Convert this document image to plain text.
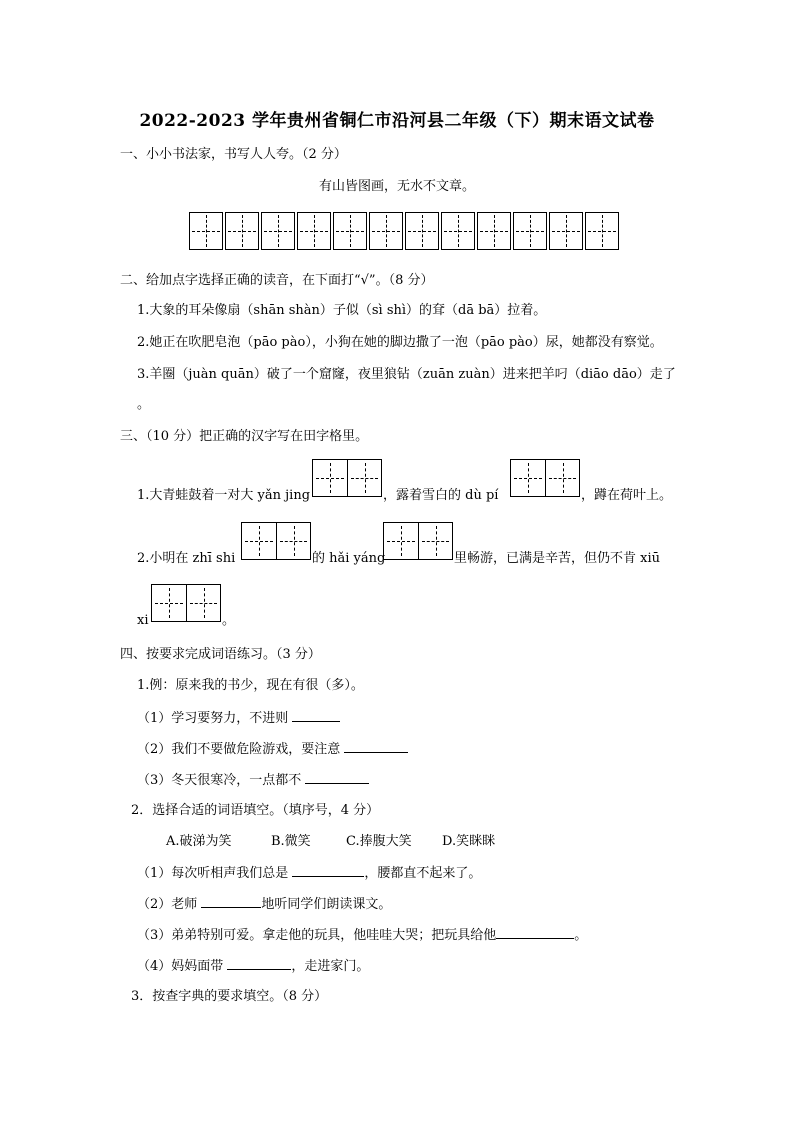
2022-2023 学年贵州省铜仁市沿河县二年级（下）期末语文试卷
一、小小书法家，书写人人夸。（2 分）
有山皆图画，无水不文章。
二、给加点字选择正确的读音，在下面打“√”。（8 分）
1.大象的耳朵像扇（shān shàn）子似（sì shì）的耷（dā bā）拉着。
2.她正在吹肥皂泡（pāo pào），小狗在她的脚边撒了一泡（pāo pào）尿，她都没有察觉。
3.羊圈（juàn quān）破了一个窟窿，夜里狼钻（zuān zuàn）进来把羊叼（diāo dāo）走了
。
三、（10 分）把正确的汉字写在田字格里。
1.大青蛙鼓着一对大 yǎn jing	，露着雪白的 dù pí	，蹲在荷叶上。
2.小明在 zhī shi	的 hǎi yáng	里畅游，已满是辛苦，但仍不肯 xiū
xi	。
四、按要求完成词语练习。（3 分）
1.例：原来我的书少，现在有很（多）。
（1）学习要努力，不进则
（2）我们不要做危险游戏，要注意
（3）冬天很寒冷，一点都不
2．选择合适的词语填空。（填序号，4 分）
A.破涕为笑	B.微笑	C.捧腹大笑 D.笑眯眯
（1）每次听相声我们总是	，腰都直不起来了。
（2）老师	地听同学们朗读课文。
（3）弟弟特别可爱。拿走他的玩具，他哇哇大哭；把玩具给他	。
（4）妈妈面带	，走进家门。
3．按查字典的要求填空。（8 分）
